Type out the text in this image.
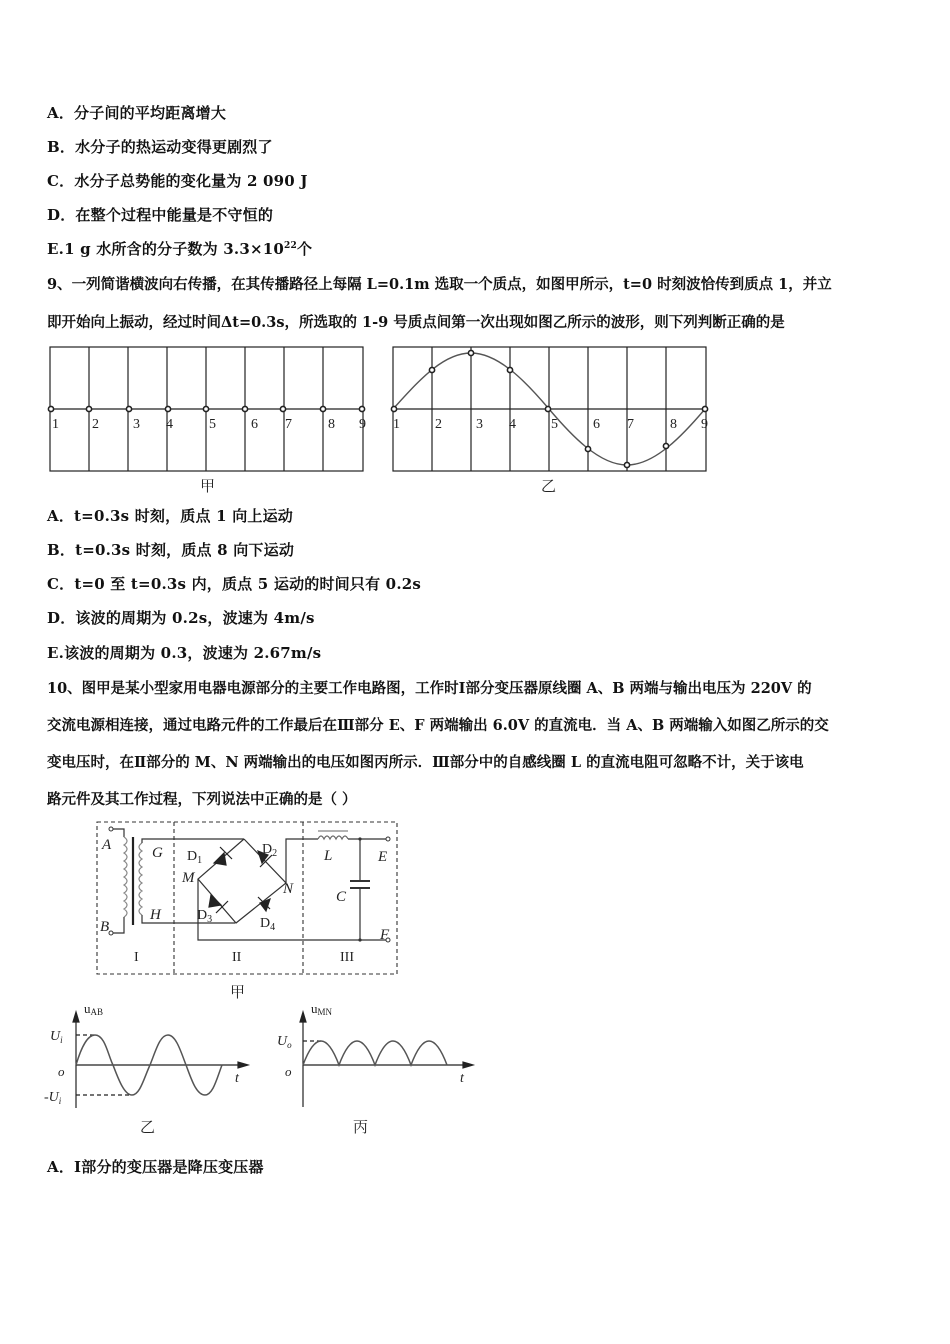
A．分子间的平均距离增大
B．水分子的热运动变得更剧烈了
C．水分子总势能的变化量为 2 090 J
D．在整个过程中能量是不守恒的
E.1 g 水所含的分子数为 $3.3\times 10^{22}$个
9、一列简谐横波向右传播，在其传播路径上每隔 L=0.1m 选取一个质点，如图甲所示，t=0 时刻波恰传到质点 1，并立
即开始向上振动，经过时间Δt=0.3s，所选取的 1-9 号质点间第一次出现如图乙所示的波形，则下列判断正确的是
1 2 3 4	5	6 7	8 9
甲
1	2 3 4	5	6 7	8 9
乙
A．t=0.3s 时刻，质点 1 向上运动
B．t=0.3s 时刻，质点 8 向下运动
C．t=0 至 t=0.3s 内，质点 5 运动的时间只有 0.2s
D．该波的周期为 0.2s，波速为 4m/s
E.该波的周期为 0.3，波速为 2.67m/s
10、图甲是某小型家用电器电源部分的主要工作电路图，工作时Ⅰ部分变压器原线圈 A、B 两端与输出电压为 220V 的
交流电源相连接，通过电路元件的工作最后在Ⅲ部分 E、F 两端输出 6.0V 的直流电．当 A、B 两端输入如图乙所示的交
变电压时，在Ⅱ部分的 M、N 两端输出的电压如图丙所示．Ⅲ部分中的自感线圈 L 的直流电阻可忽略不计，关于该电
路元件及其工作过程，下列说法中正确的是（ ）
A
B
G
H
M
N
L
C
E
F
$D_1$
$D_2$
$D_3$	$D_4$
I	II	III
甲
uAB
$U_i$
o
$-U_i$
t
乙
uMN
$U_o$
o	t
丙
A．Ⅰ部分的变压器是降压变压器
